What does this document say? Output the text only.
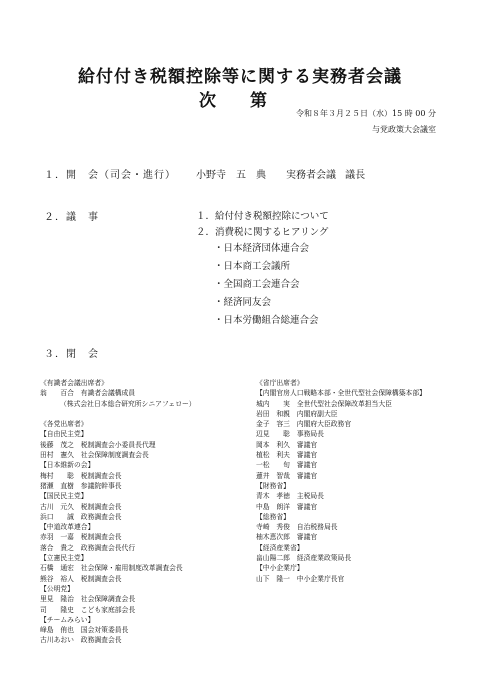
給付付き税額控除等に関する実務者会議
次 第
令和８年３月２５日（水）15 時 00 分
与党政策大会議室
１．開　会（司会・進行） 小野寺　五　典　　実務者会議 議長
２．議　事	１．給付付き税額控除について
２．消費税に関するヒアリング
・日本経済団体連合会
・日本商工会議所
・全国商工会連合会
・経済同友会
・日本労働組合総連合会
３．閉　会
《有識者会議出席者》
翁　　百合　有識者会議構成員
（株式会社日本総合研究所シニアフェロー）

《各党出席者》
【自由民主党】
後藤　茂之　税制調査会小委員長代理
田村　憲久　社会保障制度調査会長
【日本維新の会】
梅村　　聡　税制調査会長
猪瀬　直樹　参議院幹事長
【国民民主党】
古川　元久　税制調査会長
浜口　　誠　政務調査会長
【中道改革連合】
赤羽　一嘉　税制調査会長
落合　貴之　政務調査会長代行
【立憲民主党】
石橋　通宏　社会保障・雇用制度改革調査会長
熊谷　裕人　税制調査会長
【公明党】
里見　隆治　社会保障調査会長
司　　隆史　こども家庭部会長
【チームみらい】
峰島　侑也　国会対策委員長
古川あおい　政務調査会長
《省庁出席者》
【内閣官房人口戦略本部・全世代型社会保障構築本部】
城内　　実　全世代型社会保障改革担当大臣
岩田　和親　内閣府副大臣
金子　容三　内閣府大臣政務官
辺見　　聡　事務局長
岡本　利久　審議官
植松　利夫　審議官
一松　　旬　審議官
蓮井　智哉　審議官
【財務省】
青木　孝徳　主税局長
中島　朗洋　審議官
【総務省】
寺崎　秀俊　自治税務局長
柚木恵次郎　審議官
【経済産業省】
畠山陽二郎　経済産業政策局長
【中小企業庁】
山下　隆一　中小企業庁長官
